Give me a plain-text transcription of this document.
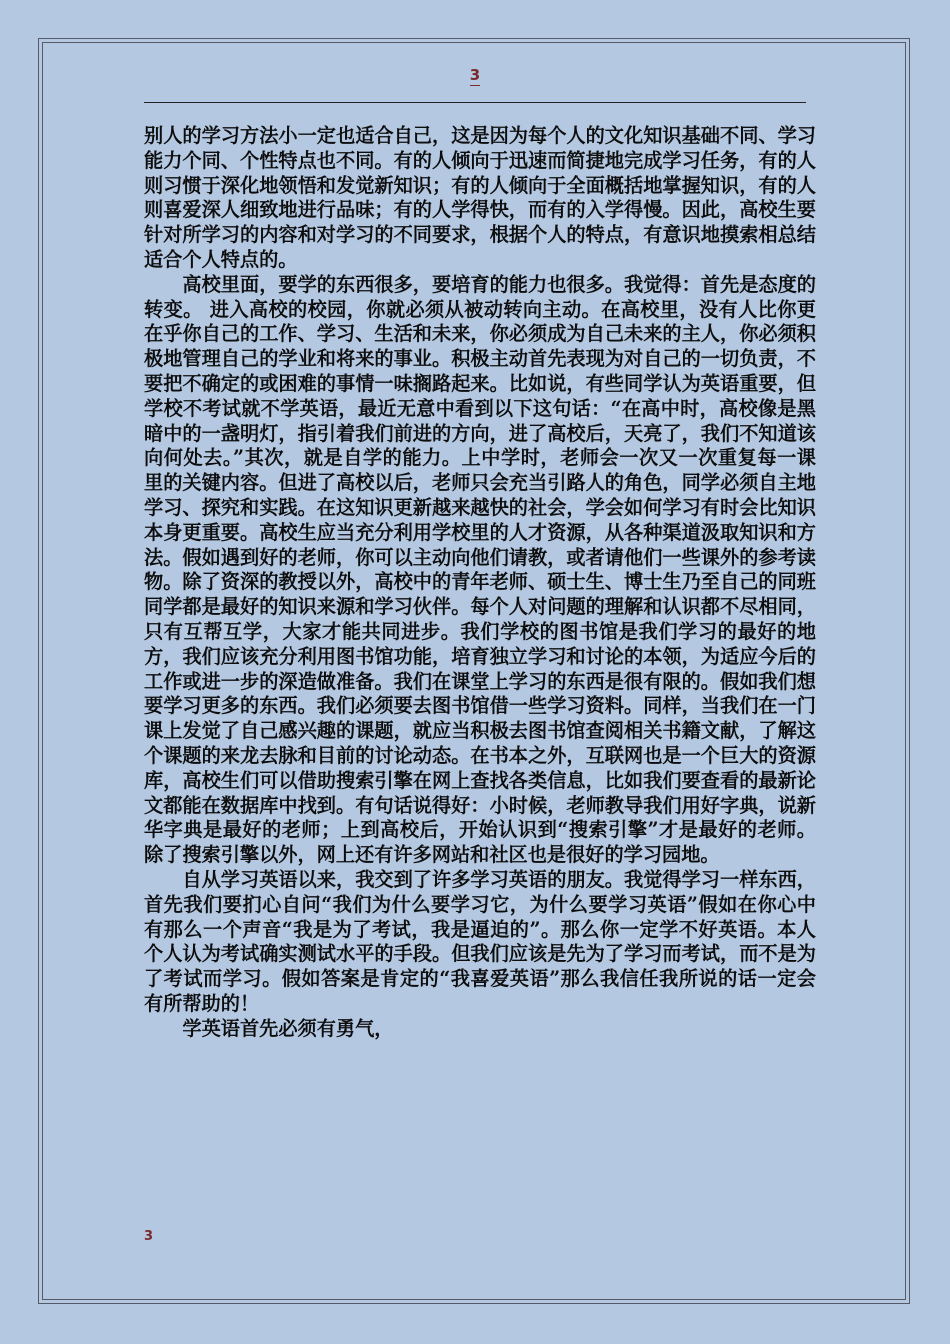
3

别人的学习方法小一定也适合自己，这是因为每个人的文化知识基础不同、学习能力个同、个性特点也不同。有的人倾向于迅速而简捷地完成学习任务，有的人则习惯于深化地领悟和发觉新知识；有的人倾向于全面概括地掌握知识，有的人则喜爱深人细致地进行品味；有的人学得快，而有的入学得慢。因此，高校生要针对所学习的内容和对学习的不同要求，根据个人的特点，有意识地摸索相总结适合个人特点的。

高校里面，要学的东西很多，要培育的能力也很多。我觉得：首先是态度的转变。 进入高校的校园，你就必须从被动转向主动。在高校里，没有人比你更在乎你自己的工作、学习、生活和未来，你必须成为自己未来的主人，你必须积极地管理自己的学业和将来的事业。积极主动首先表现为对自己的一切负责，不要把不确定的或困难的事情一味搁路起来。比如说，有些同学认为英语重要，但学校不考试就不学英语，最近无意中看到以下这句话：“在高中时，高校像是黑暗中的一盏明灯，指引着我们前进的方向，进了高校后，天亮了，我们不知道该向何处去。”其次，就是自学的能力。上中学时，老师会一次又一次重复每一课里的关键内容。但进了高校以后，老师只会充当引路人的角色，同学必须自主地学习、探究和实践。在这知识更新越来越快的社会，学会如何学习有时会比知识本身更重要。高校生应当充分利用学校里的人才资源，从各种渠道汲取知识和方法。假如遇到好的老师，你可以主动向他们请教，或者请他们一些课外的参考读物。除了资深的教授以外，高校中的青年老师、硕士生、博士生乃至自己的同班同学都是最好的知识来源和学习伙伴。每个人对问题的理解和认识都不尽相同，只有互帮互学，大家才能共同进步。我们学校的图书馆是我们学习的最好的地方，我们应该充分利用图书馆功能，培育独立学习和讨论的本领，为适应今后的工作或进一步的深造做准备。我们在课堂上学习的东西是很有限的。假如我们想要学习更多的东西。我们必须要去图书馆借一些学习资料。同样，当我们在一门课上发觉了自己感兴趣的课题，就应当积极去图书馆查阅相关书籍文献，了解这个课题的来龙去脉和目前的讨论动态。在书本之外，互联网也是一个巨大的资源库，高校生们可以借助搜索引擎在网上查找各类信息，比如我们要查看的最新论文都能在数据库中找到。有句话说得好：小时候，老师教导我们用好字典，说新华字典是最好的老师；上到高校后，开始认识到“搜索引擎”才是最好的老师。除了搜索引擎以外，网上还有许多网站和社区也是很好的学习园地。

自从学习英语以来，我交到了许多学习英语的朋友。我觉得学习一样东西，首先我们要扪心自问“我们为什么要学习它，为什么要学习英语”假如在你心中有那么一个声音“我是为了考试，我是逼迫的”。那么你一定学不好英语。本人个人认为考试确实测试水平的手段。但我们应该是先为了学习而考试，而不是为了考试而学习。假如答案是肯定的“我喜爱英语”那么我信任我所说的话一定会有所帮助的！

学英语首先必须有勇气，

3
